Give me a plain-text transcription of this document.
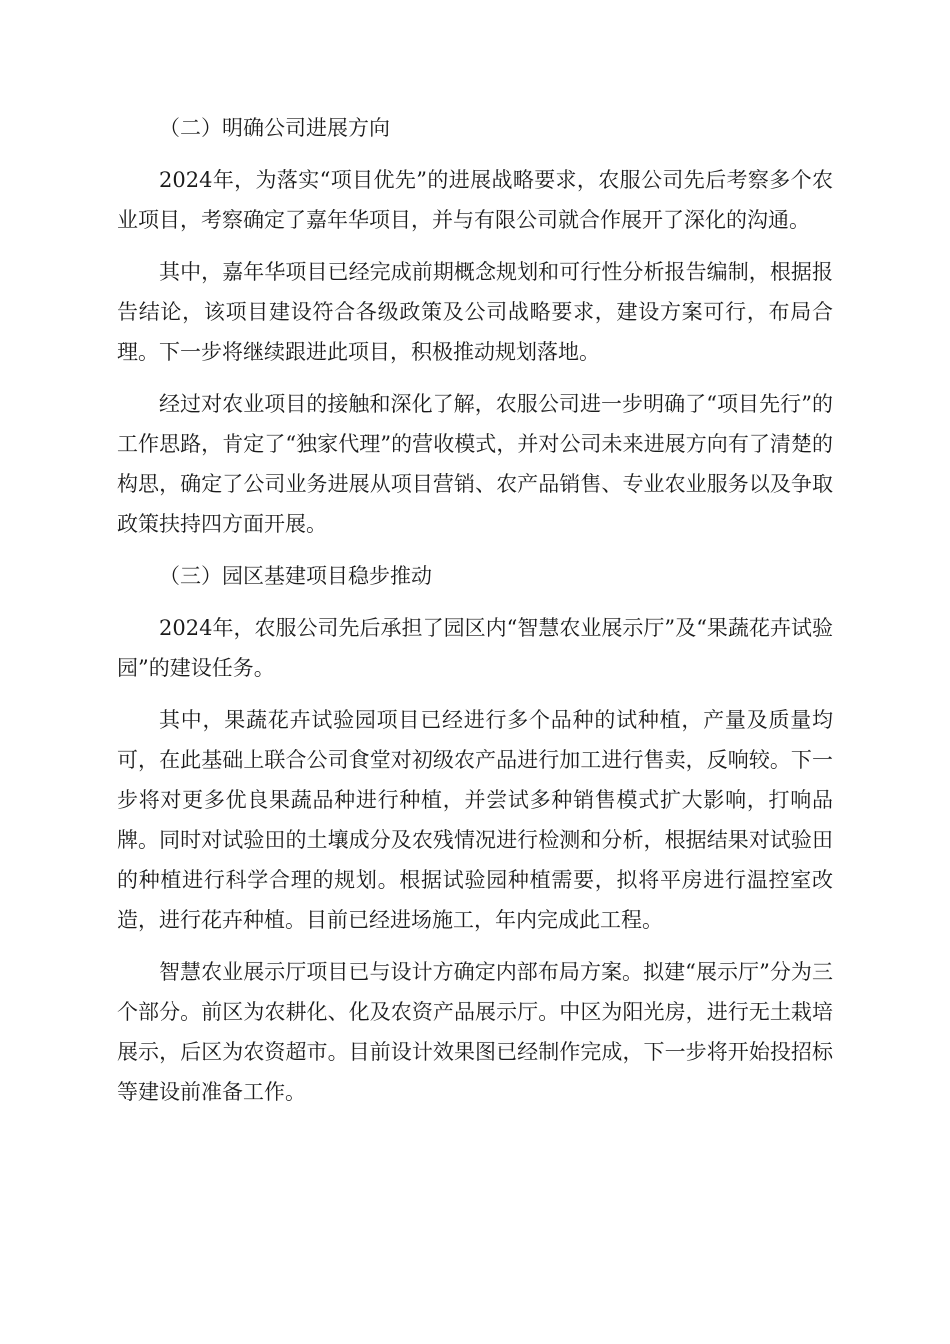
（二）明确公司进展方向

2024年，为落实“项目优先”的进展战略要求，农服公司先后考察多个农业项目，考察确定了嘉年华项目，并与有限公司就合作展开了深化的沟通。

其中，嘉年华项目已经完成前期概念规划和可行性分析报告编制，根据报告结论，该项目建设符合各级政策及公司战略要求，建设方案可行，布局合理。下一步将继续跟进此项目，积极推动规划落地。

经过对农业项目的接触和深化了解，农服公司进一步明确了“项目先行”的工作思路，肯定了“独家代理”的营收模式，并对公司未来进展方向有了清楚的构思，确定了公司业务进展从项目营销、农产品销售、专业农业服务以及争取政策扶持四方面开展。

（三）园区基建项目稳步推动

2024年，农服公司先后承担了园区内“智慧农业展示厅”及“果蔬花卉试验园”的建设任务。

其中，果蔬花卉试验园项目已经进行多个品种的试种植，产量及质量均可，在此基础上联合公司食堂对初级农产品进行加工进行售卖，反响较。下一步将对更多优良果蔬品种进行种植，并尝试多种销售模式扩大影响，打响品牌。同时对试验田的土壤成分及农残情况进行检测和分析，根据结果对试验田的种植进行科学合理的规划。根据试验园种植需要，拟将平房进行温控室改造，进行花卉种植。目前已经进场施工，年内完成此工程。

智慧农业展示厅项目已与设计方确定内部布局方案。拟建“展示厅”分为三个部分。前区为农耕化、化及农资产品展示厅。中区为阳光房，进行无土栽培展示，后区为农资超市。目前设计效果图已经制作完成，下一步将开始投招标等建设前准备工作。
